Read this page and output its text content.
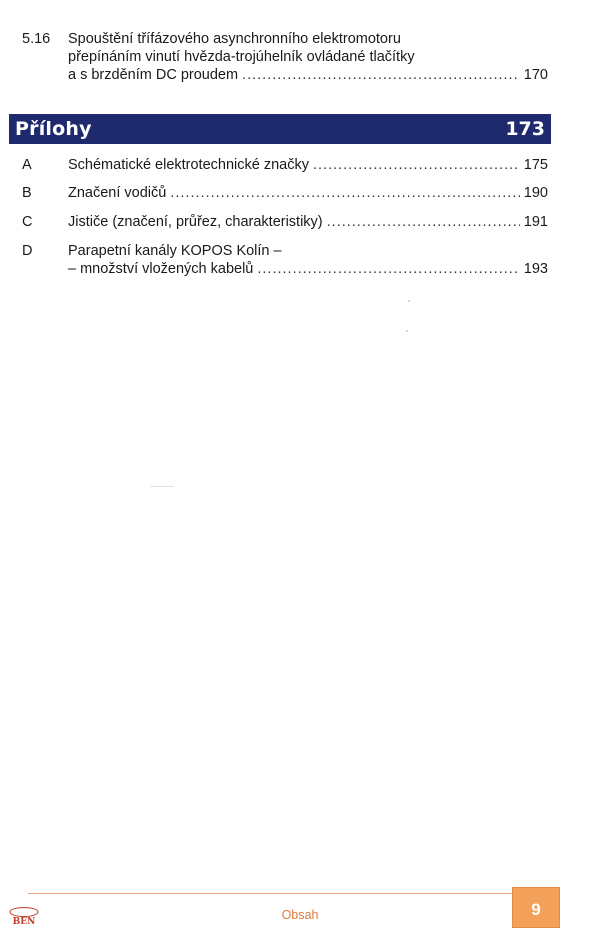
5.16	Spouštění třífázového asynchronního elektromotoru
přepínáním vinutí hvězda-trojúhelník ovládané tlačítky
a s brzděním DC proudem .....	170
Přílohy	173
A	Schématické elektrotechnické značky .....	175
B	Značení vodičů .....	190
C	Jističe (značení, průřez, charakteristiky) .....	191
D	Parapetní kanály KOPOS Kolín –
– množství vložených kabelů .....	193
BEN	Obsah	9
